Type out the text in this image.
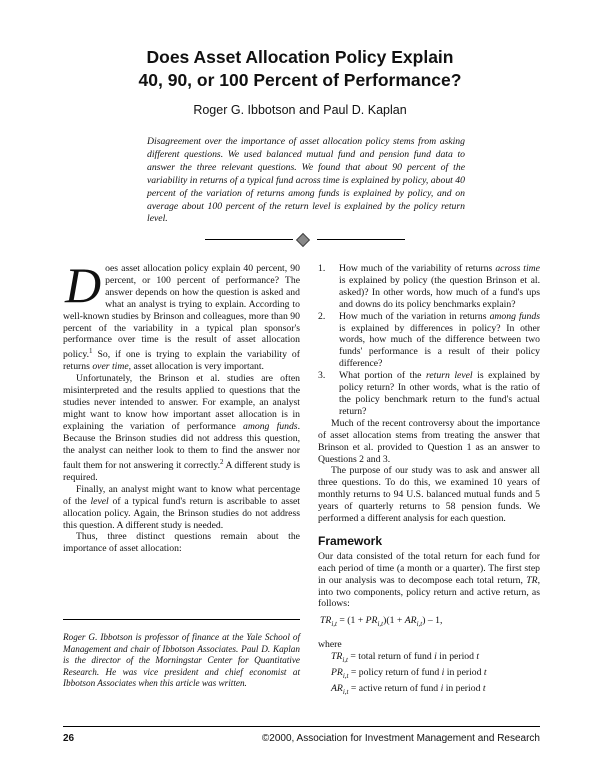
Does Asset Allocation Policy Explain
40, 90, or 100 Percent of Performance?
Roger G. Ibbotson and Paul D. Kaplan
Disagreement over the importance of asset allocation policy stems from asking different questions. We used balanced mutual fund and pension fund data to answer the three relevant questions. We found that about 90 percent of the variability in returns of a typical fund across time is explained by policy, about 40 percent of the variation of returns among funds is explained by policy, and on average about 100 percent of the return level is explained by the policy return level.

Does asset allocation policy explain 40 percent, 90 percent, or 100 percent of performance? The answer depends on how the question is asked and what an analyst is trying to explain. According to well-known studies by Brinson and colleagues, more than 90 percent of the variability in a typical plan sponsor's performance over time is the result of asset allocation policy.$^1$ So, if one is trying to explain the variability of returns over time, asset allocation is very important.

Unfortunately, the Brinson et al. studies are often misinterpreted and the results applied to questions that the studies never intended to answer. For example, an analyst might want to know how important asset allocation is in explaining the variation of performance among funds. Because the Brinson studies did not address this question, the analyst can neither look to them to find the answer nor fault them for not answering it correctly.$^2$ A different study is required.

Finally, an analyst might want to know what percentage of the level of a typical fund's return is ascribable to asset allocation policy. Again, the Brinson studies do not address this question. A different study is needed.

Thus, three distinct questions remain about the importance of asset allocation:

1. How much of the variability of returns across time is explained by policy (the question Brinson et al. asked)? In other words, how much of a fund's ups and downs do its policy benchmarks explain?
2. How much of the variation in returns among funds is explained by differences in policy? In other words, how much of the difference between two funds' performance is a result of their policy difference?
3. What portion of the return level is explained by policy return? In other words, what is the ratio of the policy benchmark return to the fund's actual return?

Much of the recent controversy about the importance of asset allocation stems from treating the answer that Brinson et al. provided to Question 1 as an answer to Questions 2 and 3.

The purpose of our study was to ask and answer all three questions. To do this, we examined 10 years of monthly returns to 94 U.S. balanced mutual funds and 5 years of quarterly returns to 58 pension funds. We performed a different analysis for each question.

Framework

Our data consisted of the total return for each fund for each period of time (a month or a quarter). The first step in our analysis was to decompose each total return, TR, into two components, policy return and active return, as follows:

$TR_{i,t} = (1 + PR_{i,t})(1 + AR_{i,t}) - 1$,
where
$TR_{i,t}$ = total return of fund i in period t
$PR_{i,t}$ = policy return of fund i in period t
$AR_{i,t}$ = active return of fund i in period t
Roger G. Ibbotson is professor of finance at the Yale School of Management and chair of Ibbotson Associates. Paul D. Kaplan is the director of the Morningstar Center for Quantitative Research. He was vice president and chief economist at Ibbotson Associates when this article was written.
26	©2000, Association for Investment Management and Research
